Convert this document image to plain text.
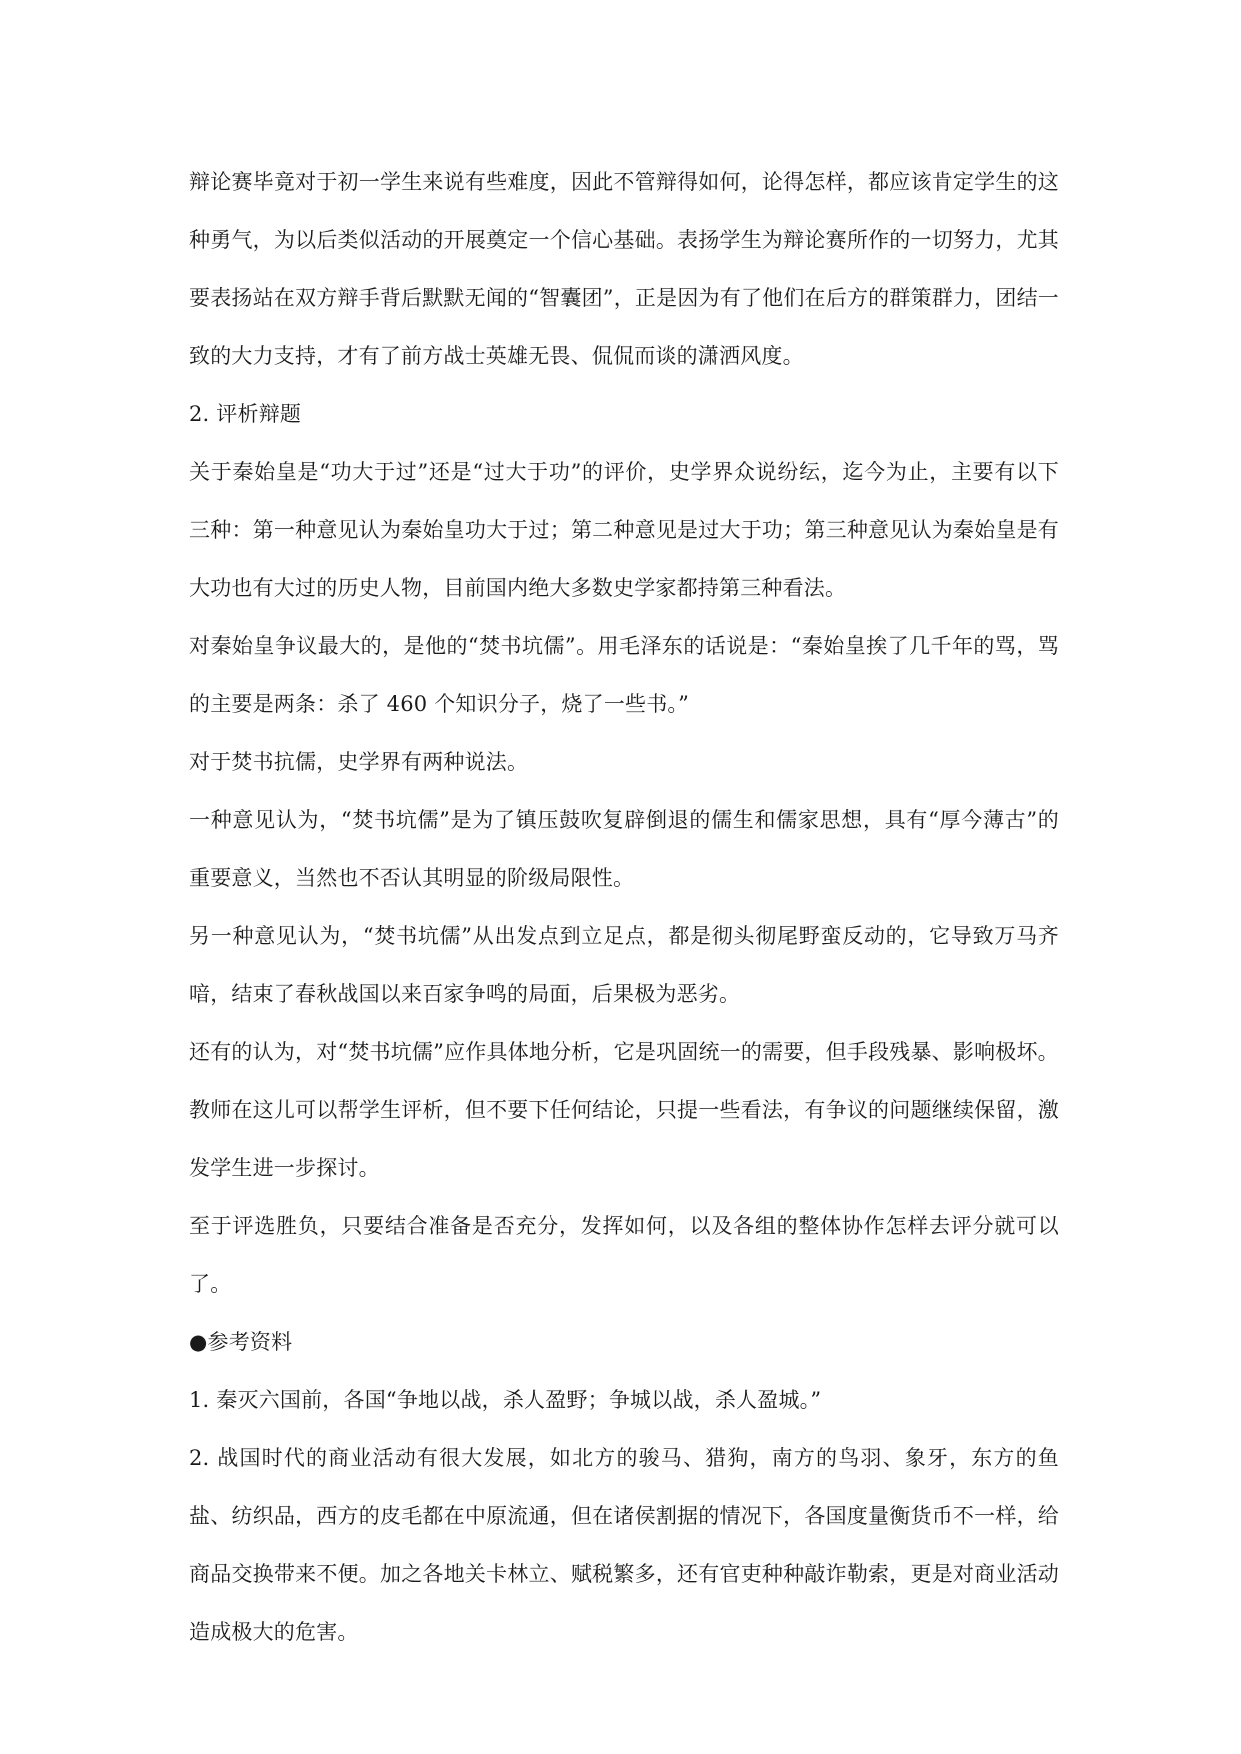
辩论赛毕竟对于初一学生来说有些难度，因此不管辩得如何，论得怎样，都应该肯定学生的这种勇气，为以后类似活动的开展奠定一个信心基础。表扬学生为辩论赛所作的一切努力，尤其要表扬站在双方辩手背后默默无闻的“智囊团”，正是因为有了他们在后方的群策群力，团结一致的大力支持，才有了前方战士英雄无畏、侃侃而谈的潇洒风度。

2. 评析辩题

关于秦始皇是“功大于过”还是“过大于功”的评价，史学界众说纷纭，迄今为止，主要有以下三种：第一种意见认为秦始皇功大于过；第二种意见是过大于功；第三种意见认为秦始皇是有大功也有大过的历史人物，目前国内绝大多数史学家都持第三种看法。

对秦始皇争议最大的，是他的“焚书坑儒”。用毛泽东的话说是：“秦始皇挨了几千年的骂，骂的主要是两条：杀了 460 个知识分子，烧了一些书。”

对于焚书抗儒，史学界有两种说法。

一种意见认为，“焚书坑儒”是为了镇压鼓吹复辟倒退的儒生和儒家思想，具有“厚今薄古”的重要意义，当然也不否认其明显的阶级局限性。

另一种意见认为，“焚书坑儒”从出发点到立足点，都是彻头彻尾野蛮反动的，它导致万马齐喑，结束了春秋战国以来百家争鸣的局面，后果极为恶劣。

还有的认为，对“焚书坑儒”应作具体地分析，它是巩固统一的需要，但手段残暴、影响极坏。

教师在这儿可以帮学生评析，但不要下任何结论，只提一些看法，有争议的问题继续保留，激发学生进一步探讨。

至于评选胜负，只要结合准备是否充分，发挥如何，以及各组的整体协作怎样去评分就可以了。

●参考资料

1. 秦灭六国前，各国“争地以战，杀人盈野；争城以战，杀人盈城。”

2. 战国时代的商业活动有很大发展，如北方的骏马、猎狗，南方的鸟羽、象牙，东方的鱼盐、纺织品，西方的皮毛都在中原流通，但在诸侯割据的情况下，各国度量衡货币不一样，给商品交换带来不便。加之各地关卡林立、赋税繁多，还有官吏种种敲诈勒索，更是对商业活动造成极大的危害。
